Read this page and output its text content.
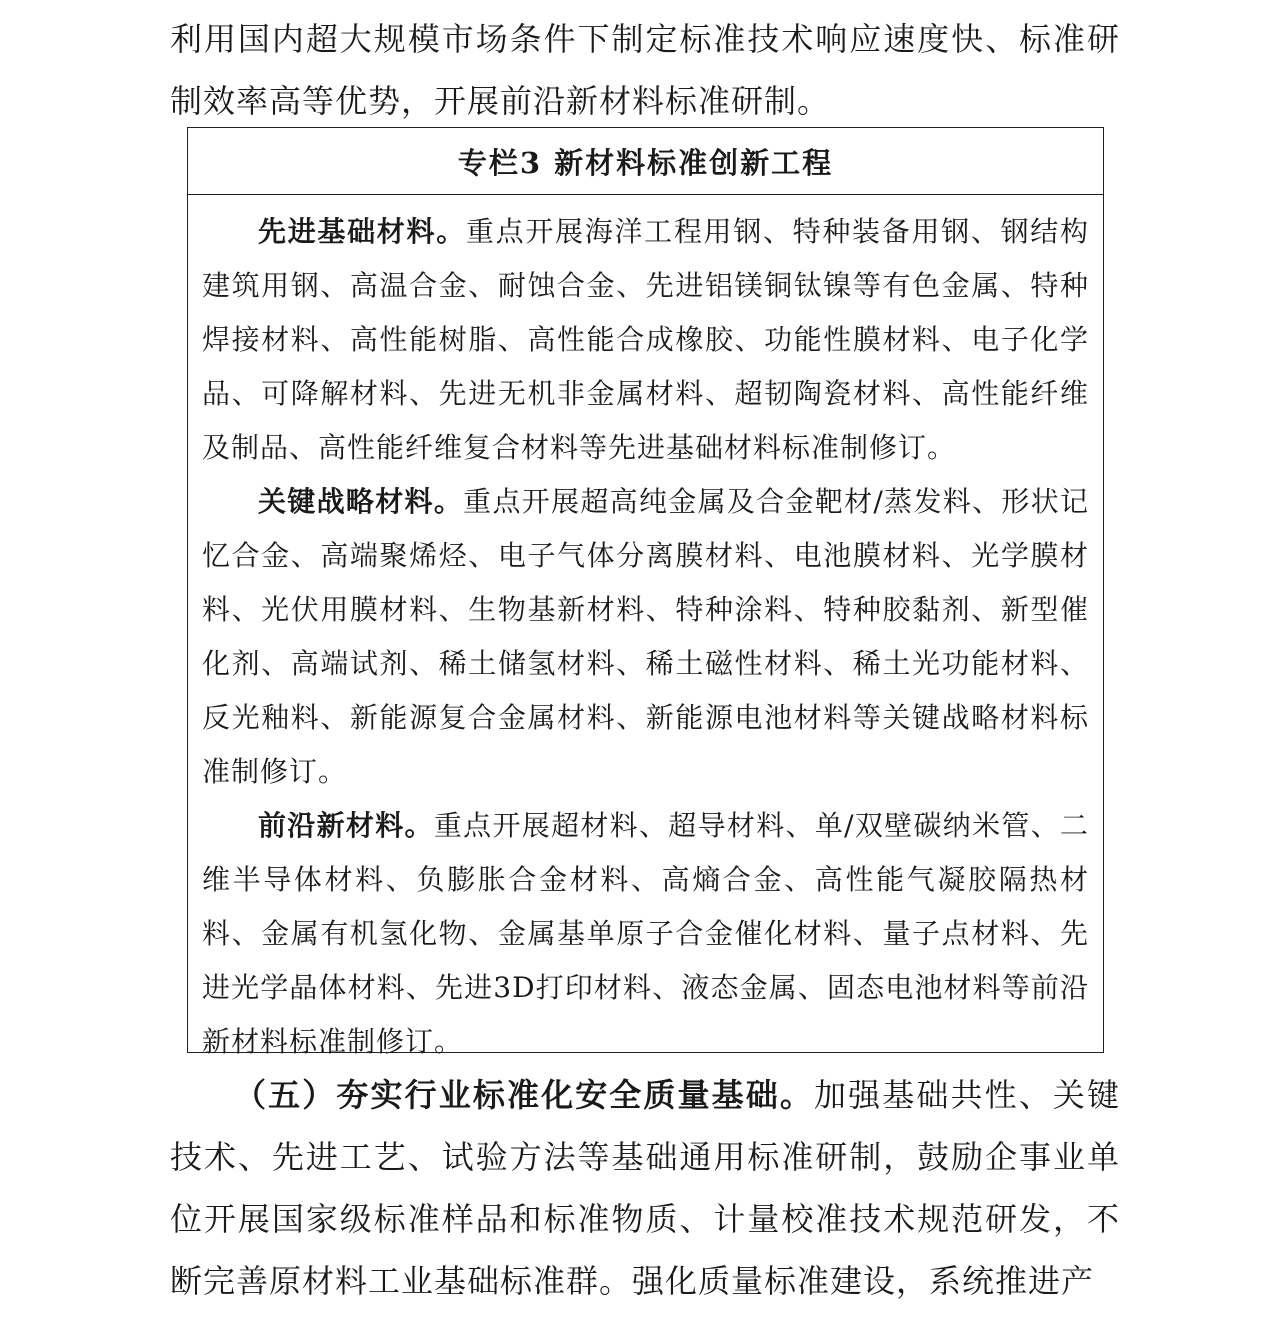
利用国内超大规模市场条件下制定标准技术响应速度快、标准研制效率高等优势，开展前沿新材料标准研制。

专栏3 新材料标准创新工程

先进基础材料。重点开展海洋工程用钢、特种装备用钢、钢结构建筑用钢、高温合金、耐蚀合金、先进铝镁铜钛镍等有色金属、特种焊接材料、高性能树脂、高性能合成橡胶、功能性膜材料、电子化学品、可降解材料、先进无机非金属材料、超韧陶瓷材料、高性能纤维及制品、高性能纤维复合材料等先进基础材料标准制修订。

关键战略材料。重点开展超高纯金属及合金靶材/蒸发料、形状记忆合金、高端聚烯烃、电子气体分离膜材料、电池膜材料、光学膜材料、光伏用膜材料、生物基新材料、特种涂料、特种胶黏剂、新型催化剂、高端试剂、稀土储氢材料、稀土磁性材料、稀土光功能材料、反光釉料、新能源复合金属材料、新能源电池材料等关键战略材料标准制修订。

前沿新材料。重点开展超材料、超导材料、单/双壁碳纳米管、二维半导体材料、负膨胀合金材料、高熵合金、高性能气凝胶隔热材料、金属有机氢化物、金属基单原子合金催化材料、量子点材料、先进光学晶体材料、先进3D打印材料、液态金属、固态电池材料等前沿新材料标准制修订。

（五）夯实行业标准化安全质量基础。加强基础共性、关键技术、先进工艺、试验方法等基础通用标准研制，鼓励企事业单位开展国家级标准样品和标准物质、计量校准技术规范研发，不断完善原材料工业基础标准群。强化质量标准建设，系统推进产
